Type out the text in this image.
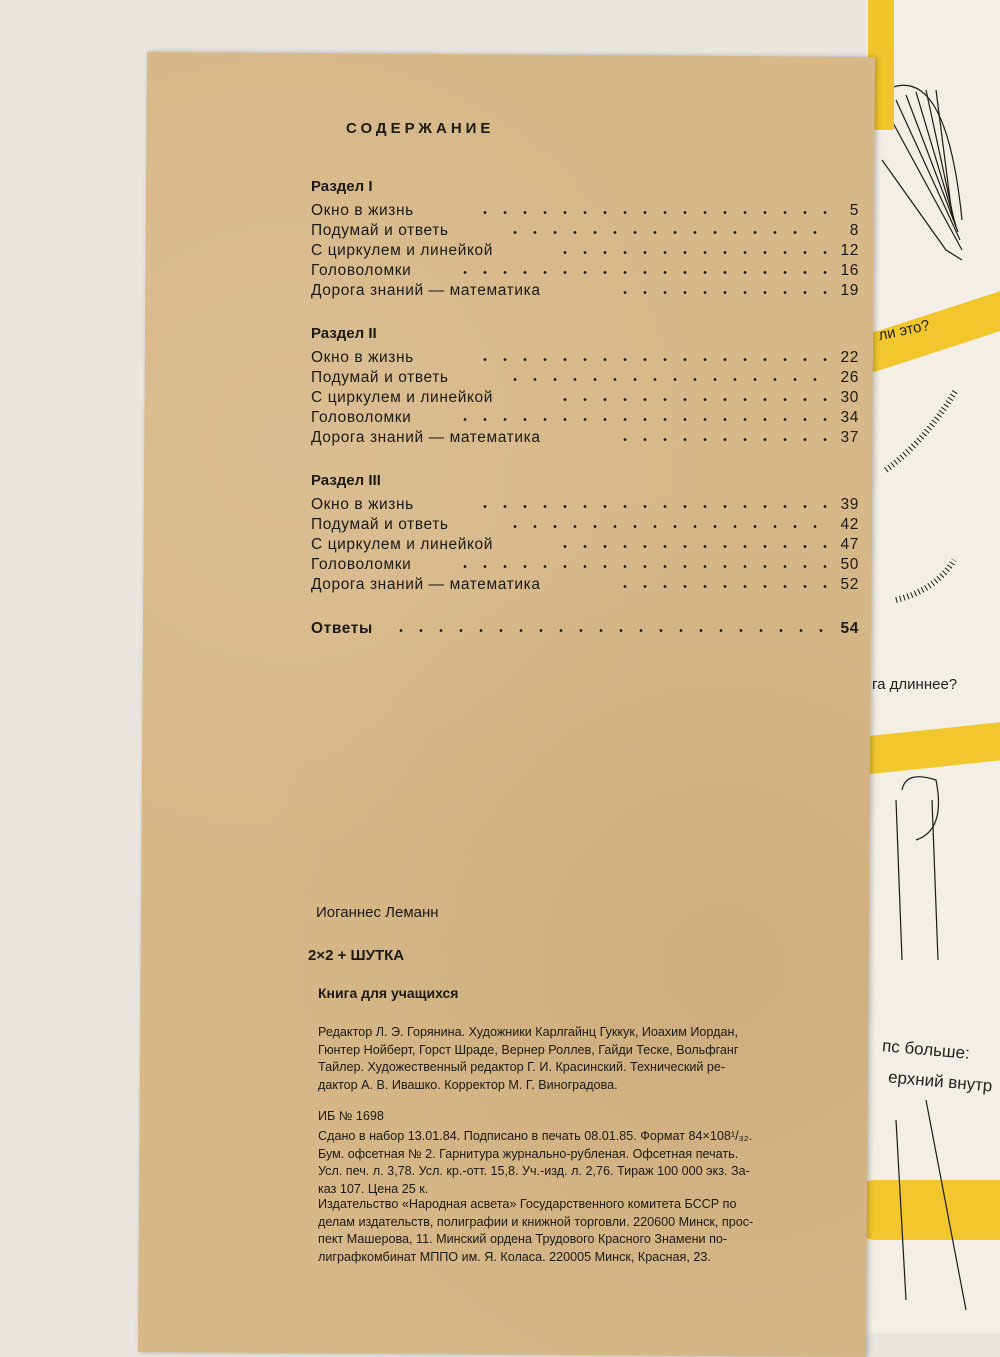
ли это?
га длиннее?
пс больше:
ерхний внутр
СОДЕРЖАНИЕ
Раздел I
Окно в жизнь	5
Подумай и ответь	8
С циркулем и линейкой	12
Головоломки	16
Дорога знаний — математика	19
Раздел II
Окно в жизнь	22
Подумай и ответь	26
С циркулем и линейкой	30
Головоломки	34
Дорога знаний — математика	37
Раздел III
Окно в жизнь	39
Подумай и ответь	42
С циркулем и линейкой	47
Головоломки	50
Дорога знаний — математика	52
Ответы	54
Иоганнес Леманн
2×2 + ШУТКА
Книга для учащихся
Редактор Л. Э. Горянина. Художники Карлгайнц Гуккук, Иоахим Иордан,
Гюнтер Нойберт, Горст Шраде, Вернер Роллев, Гайди Теске, Вольфганг
Тайлер. Художественный редактор Г. И. Красинский. Технический ре-
дактор А. В. Ивашко. Корректор М. Г. Виноградова.
ИБ № 1698
Сдано в набор 13.01.84. Подписано в печать 08.01.85. Формат 84×108¹/₃₂.
Бум. офсетная № 2. Гарнитура журнально-рубленая. Офсетная печать.
Усл. печ. л. 3,78. Усл. кр.-отт. 15,8. Уч.-изд. л. 2,76. Тираж 100 000 экз. За-
каз 107. Цена 25 к.
Издательство «Народная асвета» Государственного комитета БССР по
делам издательств, полиграфии и книжной торговли. 220600 Минск, прос-
пект Машерова, 11. Минский ордена Трудового Красного Знамени по-
лиграфкомбинат МППО им. Я. Коласа. 220005 Минск, Красная, 23.
